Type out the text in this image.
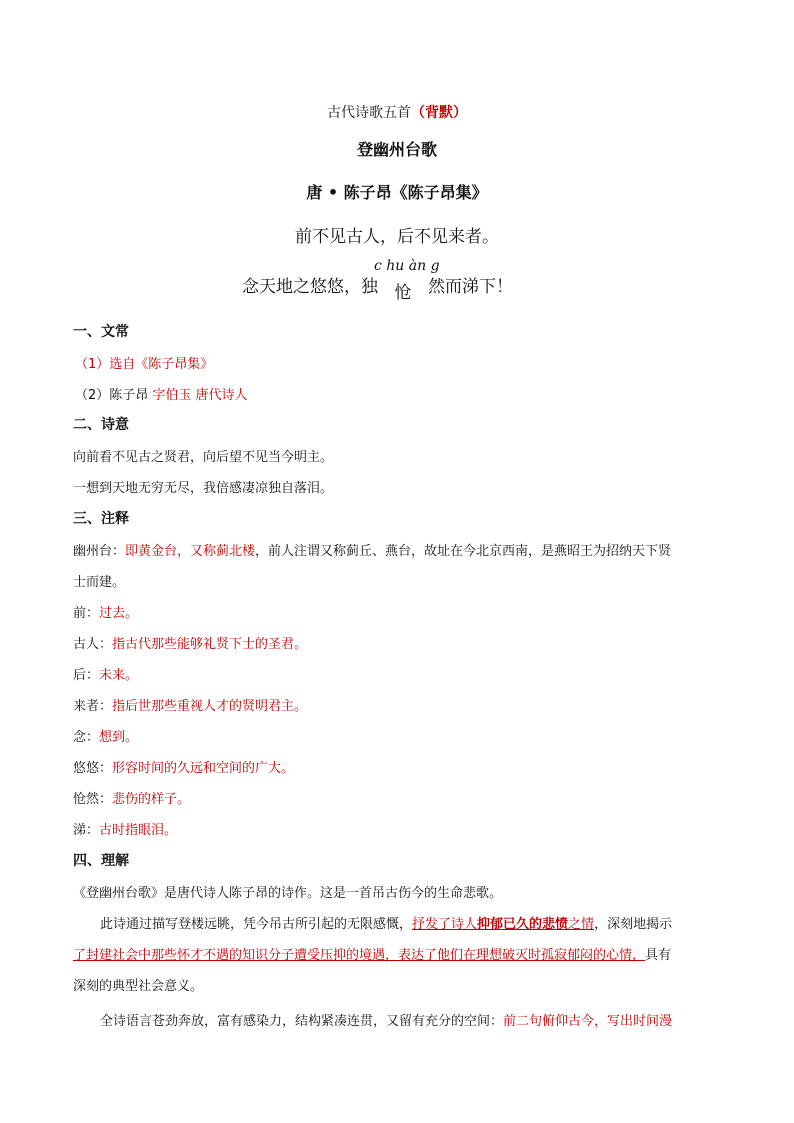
古代诗歌五首（背默）
登幽州台歌
唐 • 陈子昂《陈子昂集》
前不见古人，后不见来者。
念天地之悠悠，独
c hu àn g
怆 然而涕下！
一、文常
（1）选自《陈子昂集》
（2）陈子昂 字伯玉 唐代诗人
二、诗意
向前看不见古之贤君，向后望不见当今明主。
一想到天地无穷无尽，我倍感凄凉独自落泪。
三、注释
幽州台：即黄金台，又称蓟北楼，前人注谓又称蓟丘、燕台，故址在今北京西南，是燕昭王为招纳天下贤
士而建。
前：过去。
古人：指古代那些能够礼贤下士的圣君。
后：未来。
来者：指后世那些重视人才的贤明君主。
念：想到。
悠悠：形容时间的久远和空间的广大。
怆然：悲伤的样子。
涕：古时指眼泪。
四、理解
《登幽州台歌》是唐代诗人陈子昂的诗作。这是一首吊古伤今的生命悲歌。
此诗通过描写登楼远眺，凭今吊古所引起的无限感慨，抒发了诗人抑郁已久的悲愤之情，深刻地揭示
了封建社会中那些怀才不遇的知识分子遭受压抑的境遇，表达了他们在理想破灭时孤寂郁闷的心情，具有
深刻的典型社会意义。
全诗语言苍劲奔放，富有感染力，结构紧凑连贯，又留有充分的空间：前二句俯仰古今，写出时间漫
